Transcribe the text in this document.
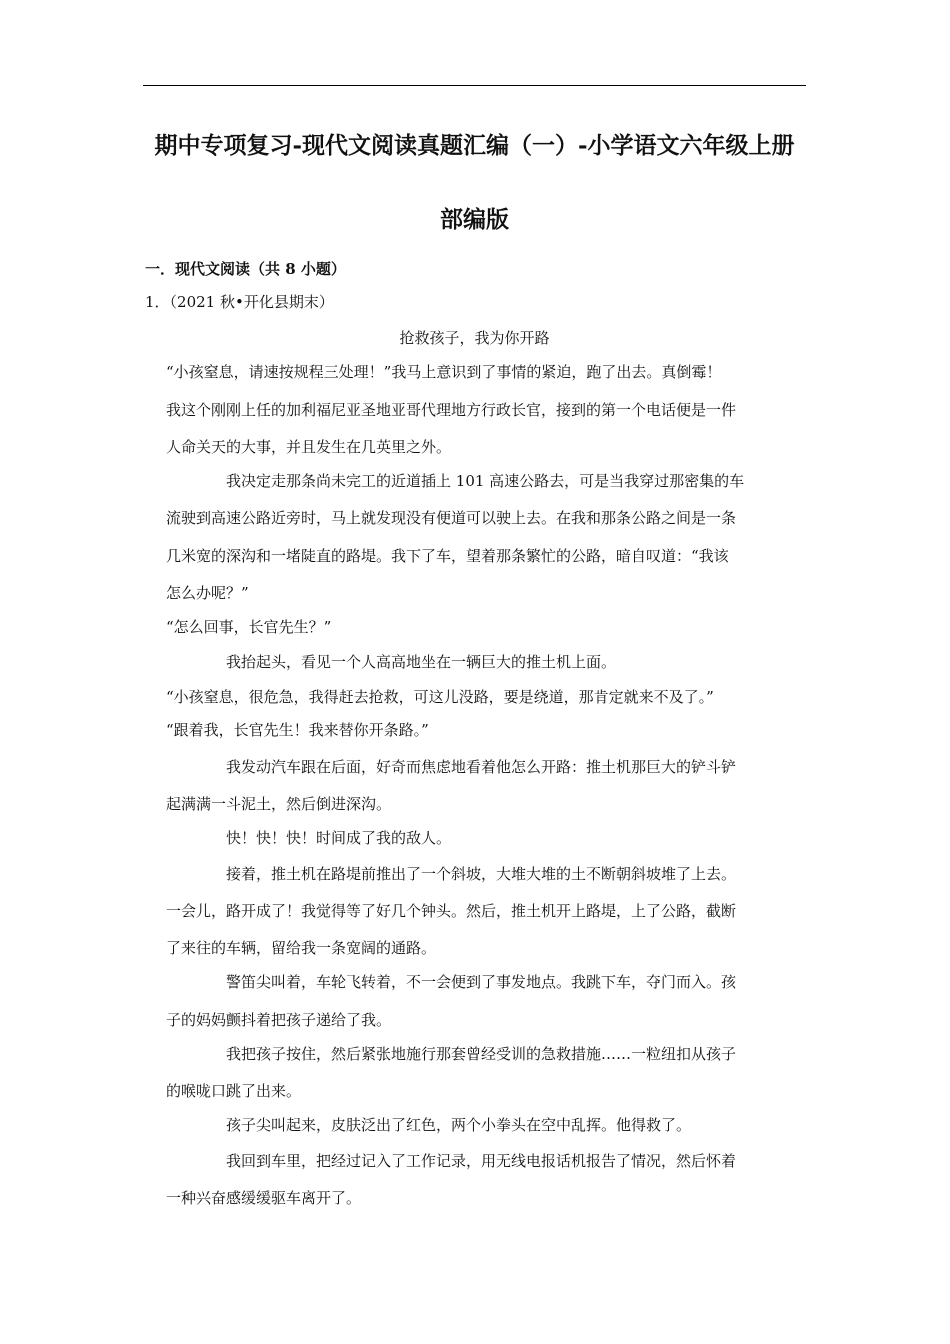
期中专项复习-现代文阅读真题汇编（一）-小学语文六年级上册
部编版
一．现代文阅读（共 8 小题）
1．（2021 秋•开化县期末）
抢救孩子，我为你开路
“小孩窒息，请速按规程三处理！”我马上意识到了事情的紧迫，跑了出去。真倒霉！
我这个刚刚上任的加利福尼亚圣地亚哥代理地方行政长官，接到的第一个电话便是一件
人命关天的大事，并且发生在几英里之外。
我决定走那条尚未完工的近道插上 101 高速公路去，可是当我穿过那密集的车
流驶到高速公路近旁时，马上就发现没有便道可以驶上去。在我和那条公路之间是一条
几米宽的深沟和一堵陡直的路堤。我下了车，望着那条繁忙的公路，暗自叹道：“我该
怎么办呢？”
“怎么回事，长官先生？”
我抬起头，看见一个人高高地坐在一辆巨大的推土机上面。
“小孩窒息，很危急，我得赶去抢救，可这儿没路，要是绕道，那肯定就来不及了。”
“跟着我，长官先生！我来替你开条路。”
我发动汽车跟在后面，好奇而焦虑地看着他怎么开路：推土机那巨大的铲斗铲
起满满一斗泥土，然后倒进深沟。
快！快！快！时间成了我的敌人。
接着，推土机在路堤前推出了一个斜坡，大堆大堆的土不断朝斜坡堆了上去。
一会儿，路开成了！我觉得等了好几个钟头。然后，推土机开上路堤，上了公路，截断
了来往的车辆，留给我一条宽阔的通路。
警笛尖叫着，车轮飞转着，不一会便到了事发地点。我跳下车，夺门而入。孩
子的妈妈颤抖着把孩子递给了我。
我把孩子按住，然后紧张地施行那套曾经受训的急救措施……一粒纽扣从孩子
的喉咙口跳了出来。
孩子尖叫起来，皮肤泛出了红色，两个小拳头在空中乱挥。他得救了。
我回到车里，把经过记入了工作记录，用无线电报话机报告了情况，然后怀着
一种兴奋感缓缓驱车离开了。
